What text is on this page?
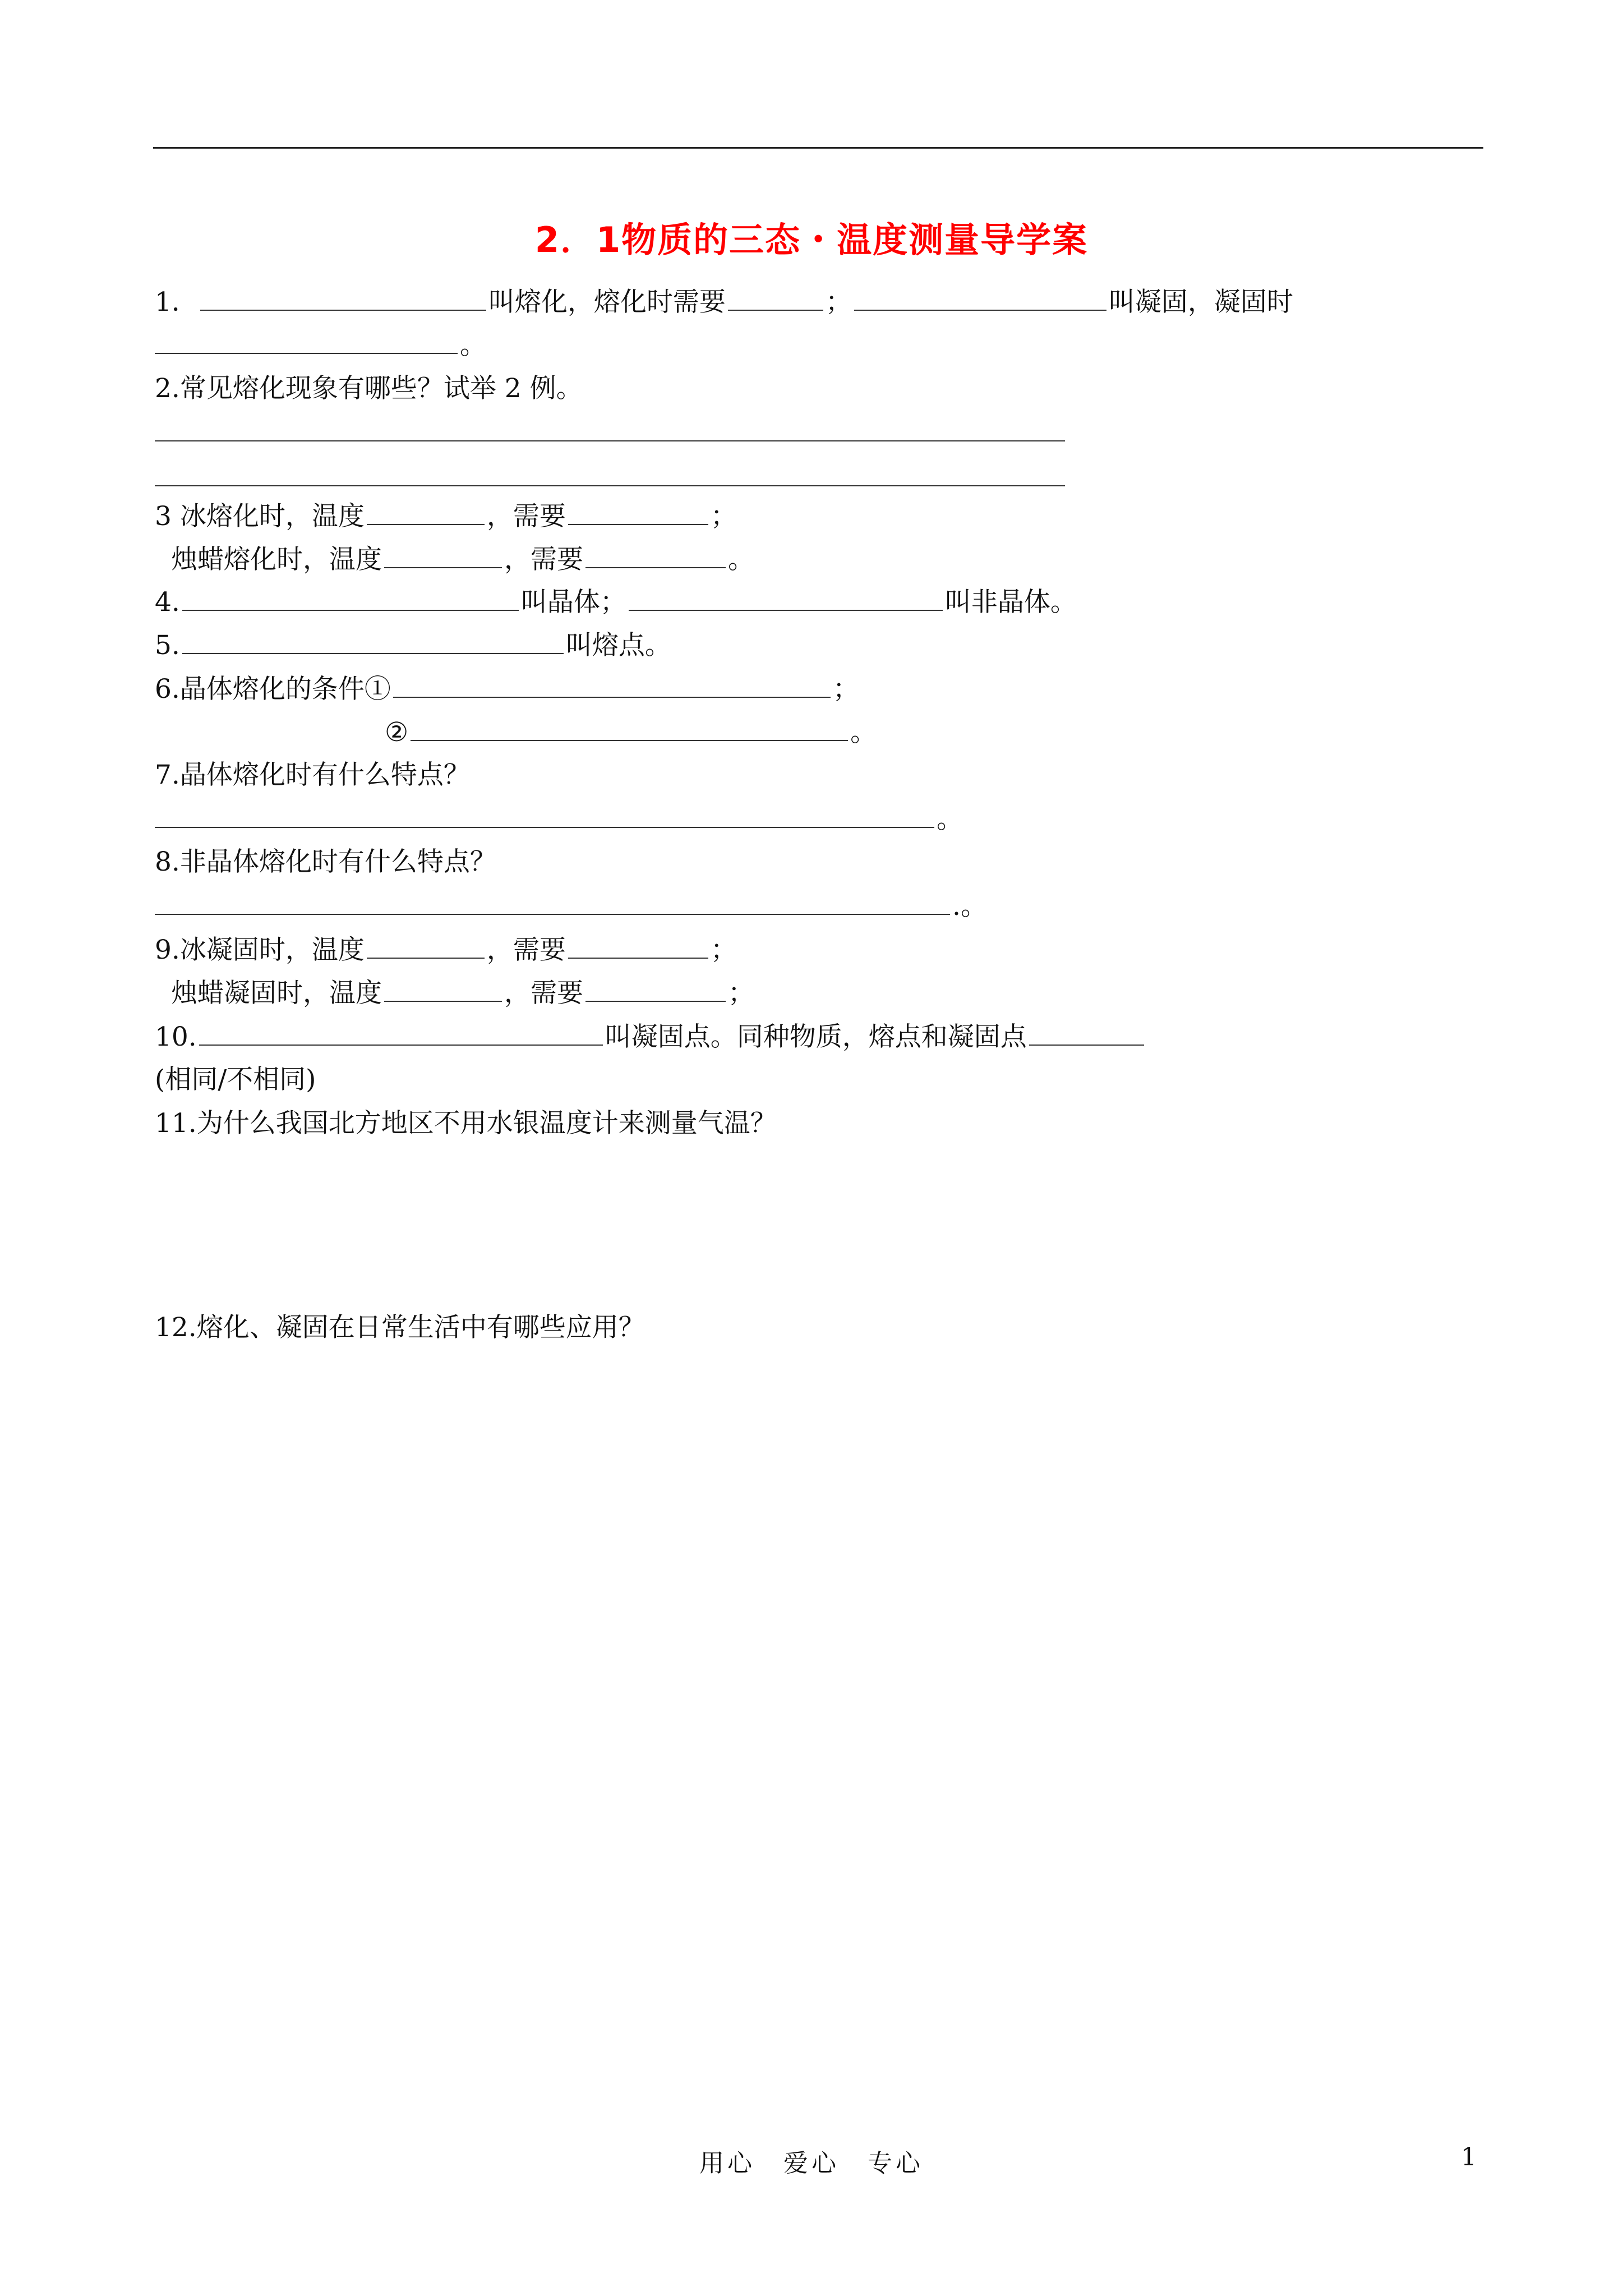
2．1物质的三态・温度测量导学案
1．	叫熔化，熔化时需要	；	叫凝固，凝固时
。
2.常见熔化现象有哪些？试举 2 例。
3 冰熔化时，温度	，需要	；
烛蜡熔化时，温度	，需要	。
4.	叫晶体；	叫非晶体。
5.	叫熔点。
6.晶体熔化的条件①	；
②	。
7.晶体熔化时有什么特点？
。
8.非晶体熔化时有什么特点？
.。
9.冰凝固时，温度	，需要	；
烛蜡凝固时，温度	，需要	；
10.	叫凝固点。同种物质，熔点和凝固点
(相同/不相同)
11.为什么我国北方地区不用水银温度计来测量气温？
12.熔化、凝固在日常生活中有哪些应用？
用心　爱心　专心	1
